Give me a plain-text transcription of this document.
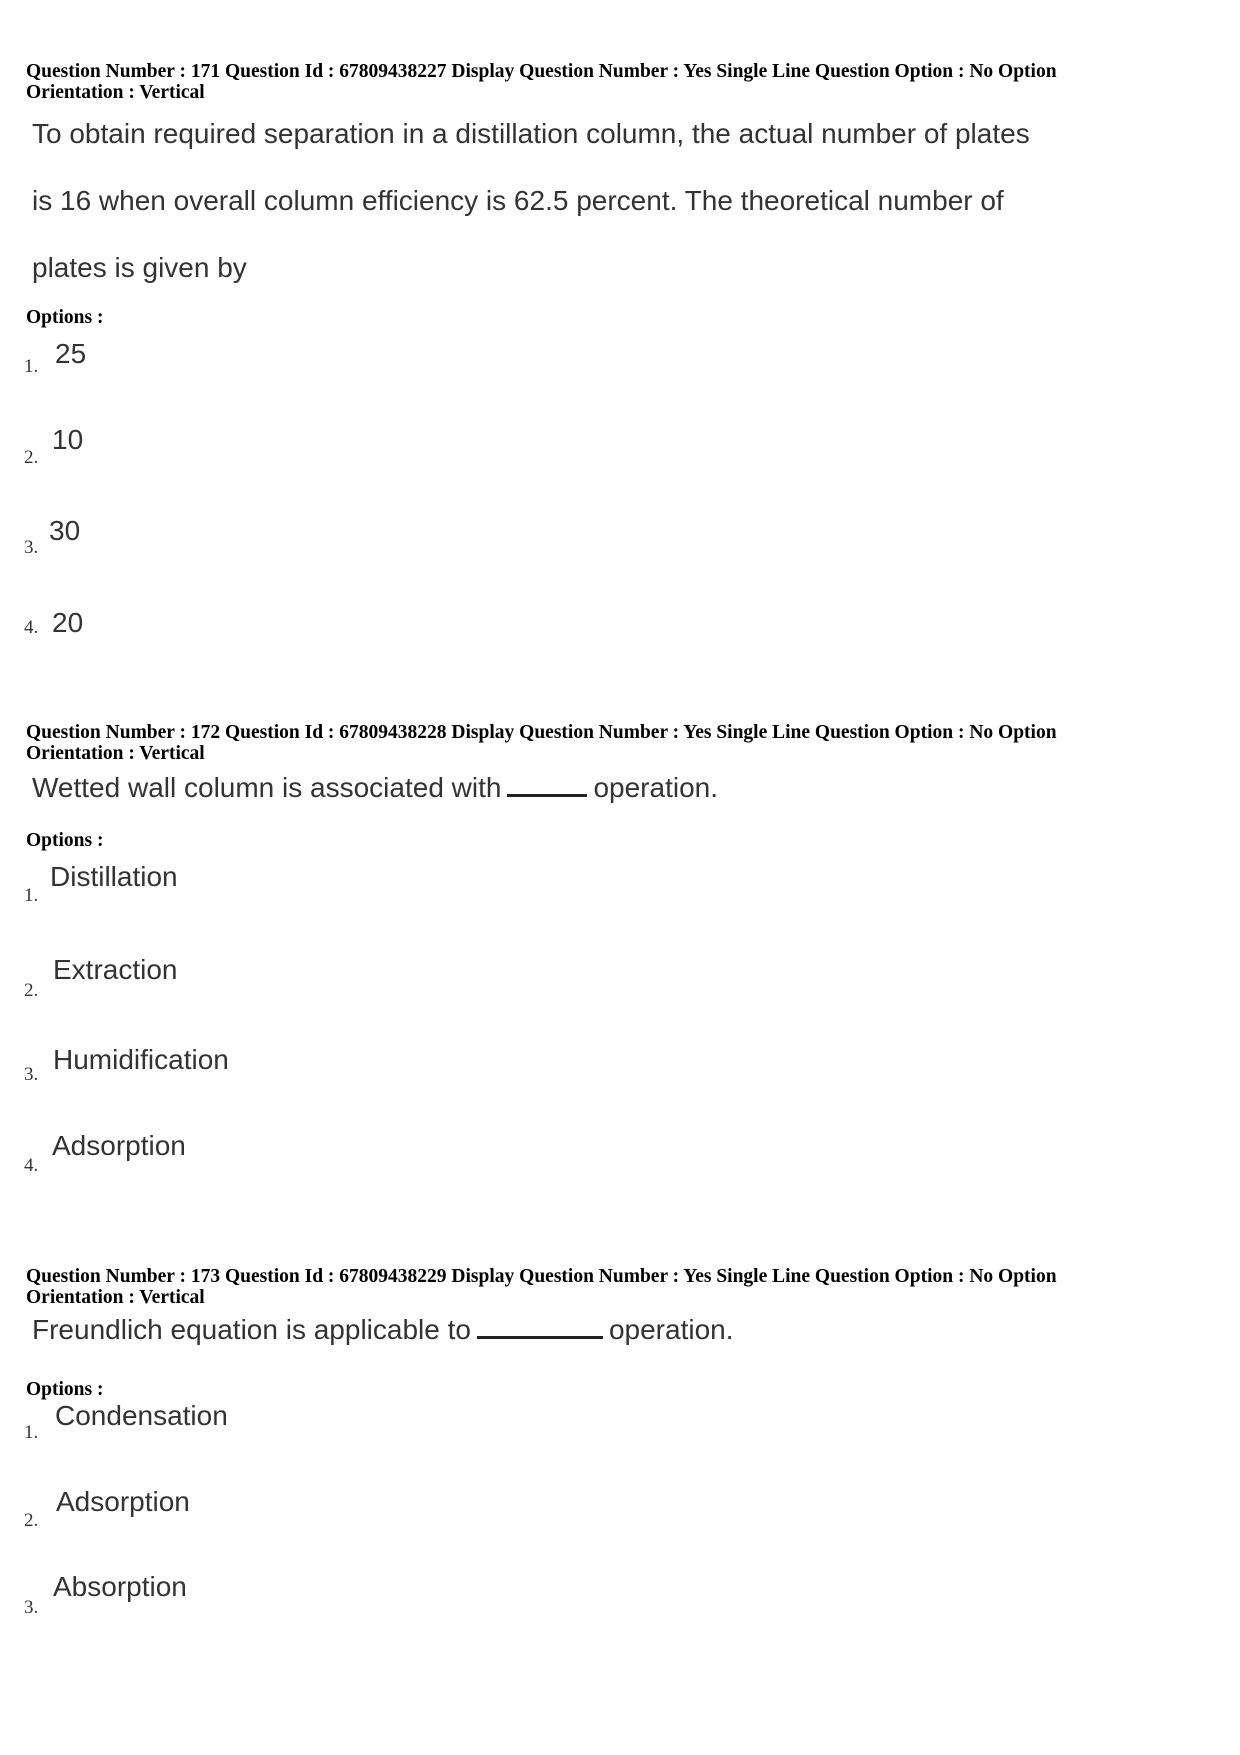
Question Number : 171 Question Id : 67809438227 Display Question Number : Yes Single Line Question Option : No Option
Orientation : Vertical
To obtain required separation in a distillation column, the actual number of plates
is 16 when overall column efficiency is 62.5 percent. The theoretical number of
plates is given by
Options :
1. 25
2.
10
3.
30
4. 20
Question Number : 172 Question Id : 67809438228 Display Question Number : Yes Single Line Question Option : No Option
Orientation : Vertical
Wetted wall column is associated with	operation.
Options :
1.
Distillation
2.
Extraction
3. Humidification
4.
Adsorption
Question Number : 173 Question Id : 67809438229 Display Question Number : Yes Single Line Question Option : No Option
Orientation : Vertical
Freundlich equation is applicable to	operation.
Options :
1.
Condensation
2.
Adsorption
3.
Absorption
